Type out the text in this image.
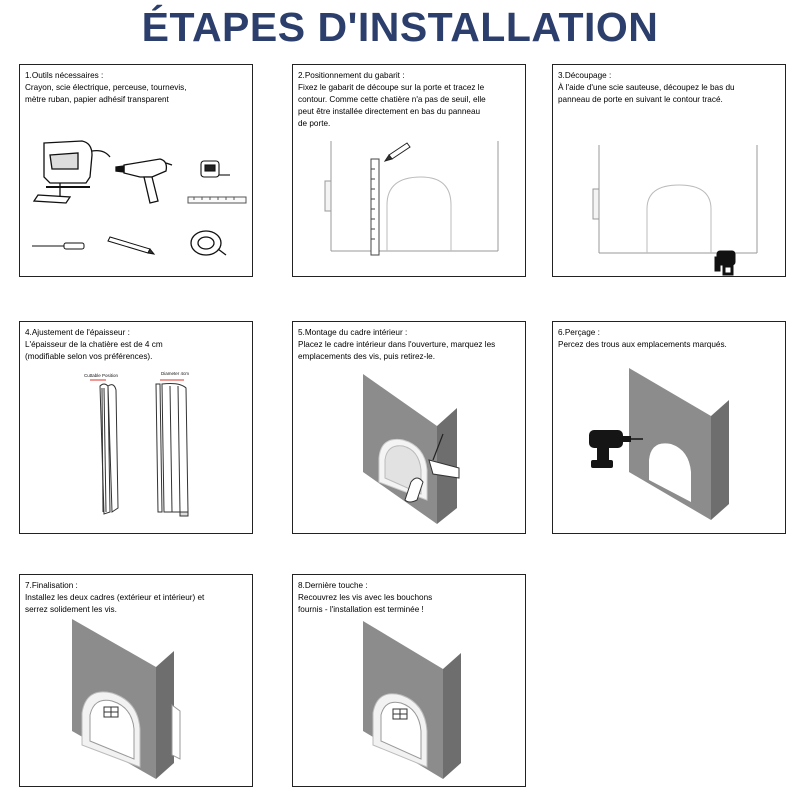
ÉTAPES D'INSTALLATION
1.Outils nécessaires :
Crayon, scie électrique, perceuse, tournevis,
mètre ruban, papier adhésif transparent
2.Positionnement du gabarit :
Fixez le gabarit de découpe sur la porte et tracez le
contour. Comme cette chatière n'a pas de seuil, elle
peut être installée directement en bas du panneau
de porte.
3.Découpage :
À l'aide d'une scie sauteuse, découpez le bas du
panneau de porte en suivant le contour tracé.
4.Ajustement de l'épaisseur :
L'épaisseur de la chatière est de 4 cm
(modifiable selon vos préférences).
Cuttable Position	Diameter 4cm
5.Montage du cadre intérieur :
Placez le cadre intérieur dans l'ouverture, marquez les
emplacements des vis, puis retirez-le.
6.Perçage :
Percez des trous aux emplacements marqués.
7.Finalisation :
Installez les deux cadres (extérieur et intérieur) et
serrez solidement les vis.
8.Dernière touche :
Recouvrez les vis avec les bouchons
fournis - l'installation est terminée !
